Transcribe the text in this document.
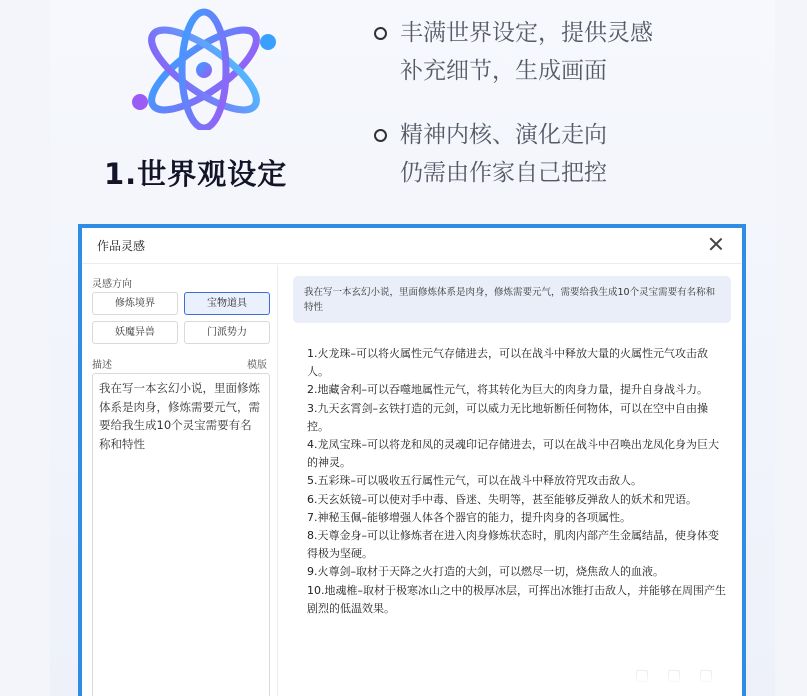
1.世界观设定
丰满世界设定，提供灵感
补充细节，生成画面
精神内核、演化走向
仍需由作家自己把控
作品灵感
灵感方向
修炼境界	宝物道具
妖魔异兽	门派势力
描述	模版
我在写一本玄幻小说，里面修炼体系是肉身，修炼需要元气，需要给我生成10个灵宝需要有名称和特性
我在写一本玄幻小说，里面修炼体系是肉身，修炼需要元气，需要给我生成10个灵宝需要有名称和特性
1.火龙珠–可以将火属性元气存储进去，可以在战斗中释放大量的火属性元气攻击敌人。
2.地藏舍利–可以吞噬地属性元气，将其转化为巨大的肉身力量，提升自身战斗力。
3.九天玄霄剑–玄铁打造的元剑，可以威力无比地斩断任何物体，可以在空中自由操控。
4.龙凤宝珠–可以将龙和凤的灵魂印记存储进去，可以在战斗中召唤出龙凤化身为巨大的神灵。
5.五彩珠–可以吸收五行属性元气，可以在战斗中释放符咒攻击敌人。
6.天玄妖镜–可以使对手中毒、昏迷、失明等，甚至能够反弹敌人的妖术和咒语。
7.神秘玉佩–能够增强人体各个器官的能力，提升肉身的各项属性。
8.天尊金身–可以让修炼者在进入肉身修炼状态时，肌肉内部产生金属结晶，使身体变得极为坚硬。
9.火尊剑–取材于天降之火打造的大剑，可以燃尽一切，烧焦敌人的血液。
10.地魂椎–取材于极寒冰山之中的极厚冰层，可挥出冰锥打击敌人，并能够在周围产生剧烈的低温效果。
